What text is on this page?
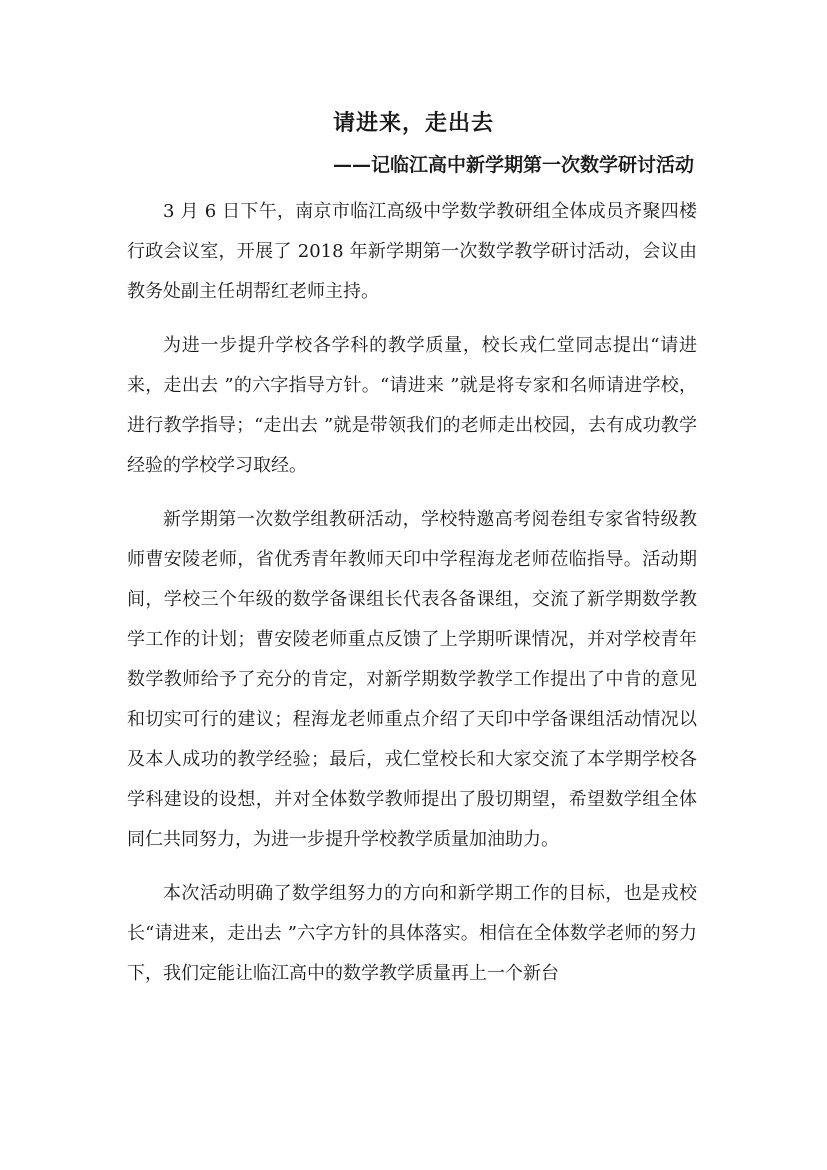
请进来，走出去
——记临江高中新学期第一次数学研讨活动

3 月 6 日下午，南京市临江高级中学数学教研组全体成员齐聚四楼行政会议室，开展了 2018 年新学期第一次数学教学研讨活动，会议由教务处副主任胡帮红老师主持。

为进一步提升学校各学科的教学质量，校长戎仁堂同志提出“请进来，走出去 ”的六字指导方针。“请进来 ”就是将专家和名师请进学校，进行教学指导；“走出去 ”就是带领我们的老师走出校园，去有成功教学经验的学校学习取经。

新学期第一次数学组教研活动，学校特邀高考阅卷组专家省特级教师曹安陵老师，省优秀青年教师天印中学程海龙老师莅临指导。活动期间，学校三个年级的数学备课组长代表各备课组，交流了新学期数学教学工作的计划；曹安陵老师重点反馈了上学期听课情况，并对学校青年数学教师给予了充分的肯定，对新学期数学教学工作提出了中肯的意见和切实可行的建议；程海龙老师重点介绍了天印中学备课组活动情况以及本人成功的教学经验；最后，戎仁堂校长和大家交流了本学期学校各学科建设的设想，并对全体数学教师提出了殷切期望，希望数学组全体同仁共同努力，为进一步提升学校教学质量加油助力。

本次活动明确了数学组努力的方向和新学期工作的目标，也是戎校长“请进来，走出去 ”六字方针的具体落实。相信在全体数学老师的努力下，我们定能让临江高中的数学教学质量再上一个新台
